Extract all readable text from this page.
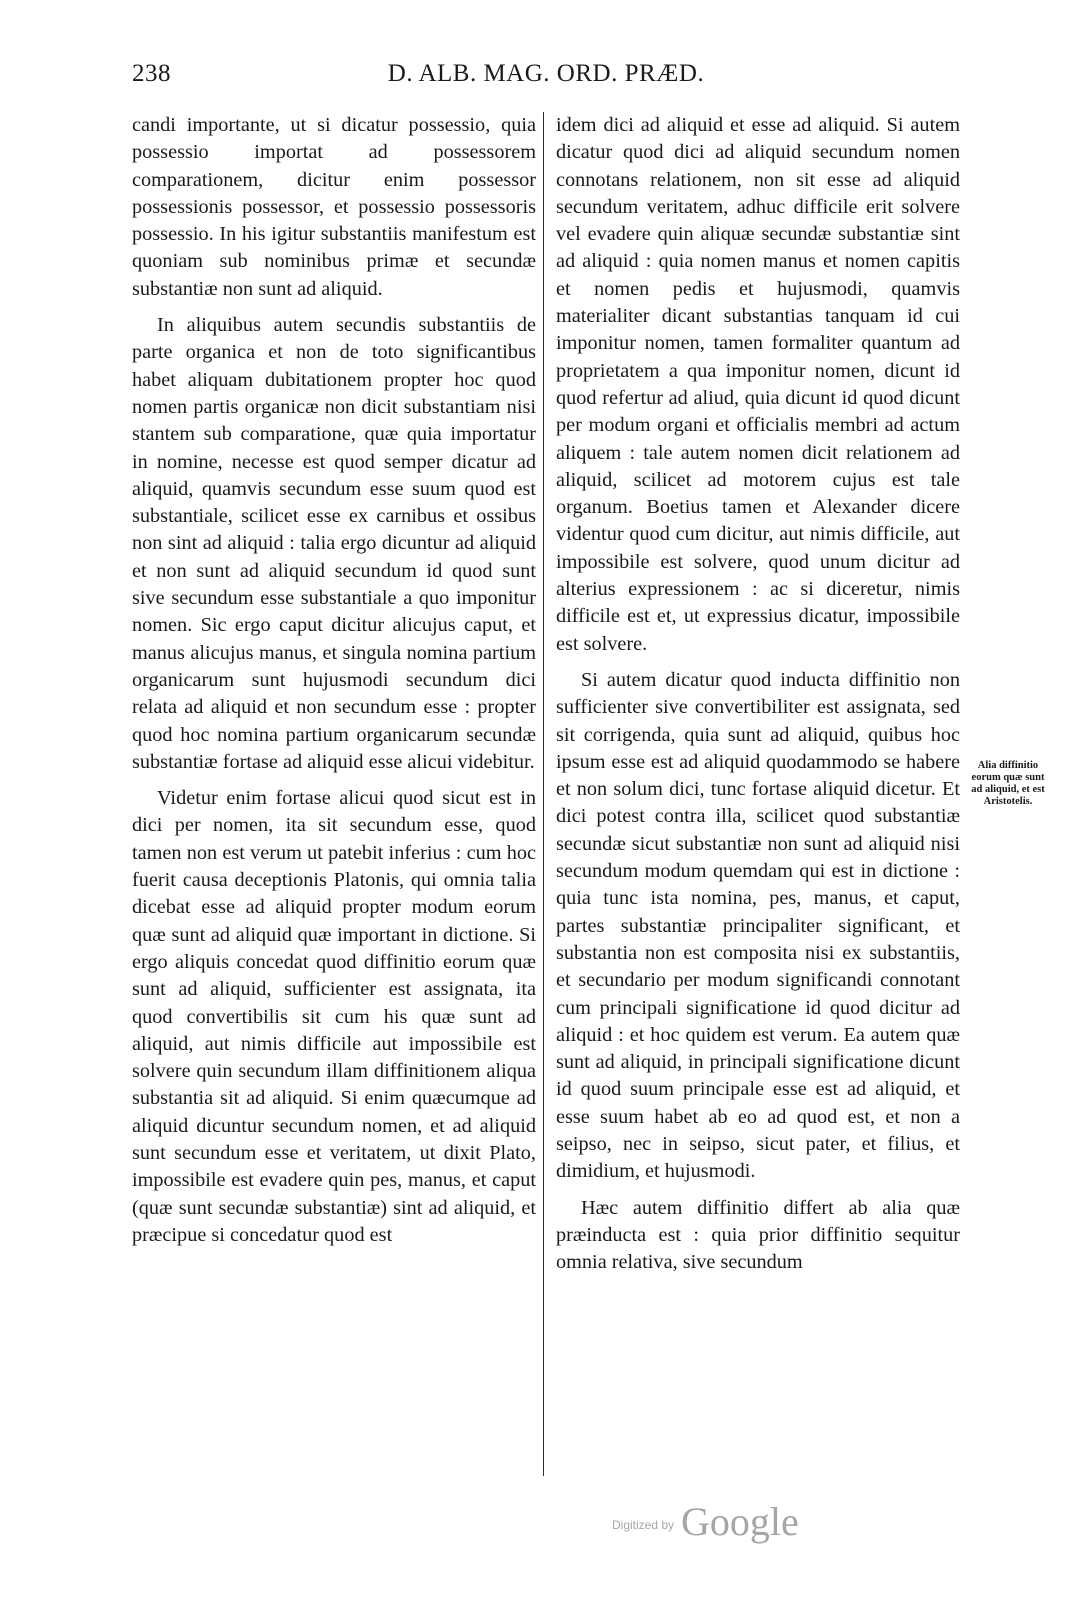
238	D. ALB. MAG. ORD. PRÆD.

candi importante, ut si dicatur possessio, quia possessio importat ad possessorem comparationem, dicitur enim possessor possessionis possessor, et possessio possessoris possessio. In his igitur substantiis manifestum est quoniam sub nominibus primæ et secundæ substantiæ non sunt ad aliquid.

In aliquibus autem secundis substantiis de parte organica et non de toto significantibus habet aliquam dubitationem propter hoc quod nomen partis organicæ non dicit substantiam nisi stantem sub comparatione, quæ quia importatur in nomine, necesse est quod semper dicatur ad aliquid, quamvis secundum esse suum quod est substantiale, scilicet esse ex carnibus et ossibus non sint ad aliquid : talia ergo dicuntur ad aliquid et non sunt ad aliquid secundum id quod sunt sive secundum esse substantiale a quo imponitur nomen. Sic ergo caput dicitur alicujus caput, et manus alicujus manus, et singula nomina partium organicarum sunt hujusmodi secundum dici relata ad aliquid et non secundum esse : propter quod hoc nomina partium organicarum secundæ substantiæ fortase ad aliquid esse alicui videbitur.

Videtur enim fortase alicui quod sicut est in dici per nomen, ita sit secundum esse, quod tamen non est verum ut patebit inferius : cum hoc fuerit causa deceptionis Platonis, qui omnia talia dicebat esse ad aliquid propter modum eorum quæ sunt ad aliquid quæ important in dictione. Si ergo aliquis concedat quod diffinitio eorum quæ sunt ad aliquid, sufficienter est assignata, ita quod convertibilis sit cum his quæ sunt ad aliquid, aut nimis difficile aut impossibile est solvere quin secundum illam diffinitionem aliqua substantia sit ad aliquid. Si enim quæcumque ad aliquid dicuntur secundum nomen, et ad aliquid sunt secundum esse et veritatem, ut dixit Plato, impossibile est evadere quin pes, manus, et caput (quæ sunt secundæ substantiæ) sint ad aliquid, et præcipue si concedatur quod est

idem dici ad aliquid et esse ad aliquid. Si autem dicatur quod dici ad aliquid secundum nomen connotans relationem, non sit esse ad aliquid secundum veritatem, adhuc difficile erit solvere vel evadere quin aliquæ secundæ substantiæ sint ad aliquid : quia nomen manus et nomen capitis et nomen pedis et hujusmodi, quamvis materialiter dicant substantias tanquam id cui imponitur nomen, tamen formaliter quantum ad proprietatem a qua imponitur nomen, dicunt id quod refertur ad aliud, quia dicunt id quod dicunt per modum organi et officialis membri ad actum aliquem : tale autem nomen dicit relationem ad aliquid, scilicet ad motorem cujus est tale organum. Boetius tamen et Alexander dicere videntur quod cum dicitur, aut nimis difficile, aut impossibile est solvere, quod unum dicitur ad alterius expressionem : ac si diceretur, nimis difficile est et, ut expressius dicatur, impossibile est solvere.

Si autem dicatur quod inducta diffinitio non sufficienter sive convertibiliter est assignata, sed sit corrigenda, quia sunt ad aliquid, quibus hoc ipsum esse est ad aliquid quodammodo se habere et non solum dici, tunc fortase aliquid dicetur. Et dici potest contra illa, scilicet quod substantiæ secundæ sicut substantiæ non sunt ad aliquid nisi secundum modum quemdam qui est in dictione : quia tunc ista nomina, pes, manus, et caput, partes substantiæ principaliter significant, et substantia non est composita nisi ex substantiis, et secundario per modum significandi connotant cum principali significatione id quod dicitur ad aliquid : et hoc quidem est verum. Ea autem quæ sunt ad aliquid, in principali significatione dicunt id quod suum principale esse est ad aliquid, et esse suum habet ab eo ad quod est, et non a seipso, nec in seipso, sicut pater, et filius, et dimidium, et hujusmodi.

Hæc autem diffinitio differt ab alia quæ præinducta est : quia prior diffinitio sequitur omnia relativa, sive secundum

Alia diffinitio eorum quæ sunt ad aliquid, et est Aristotelis.
$^{Digitized by}$ Google
